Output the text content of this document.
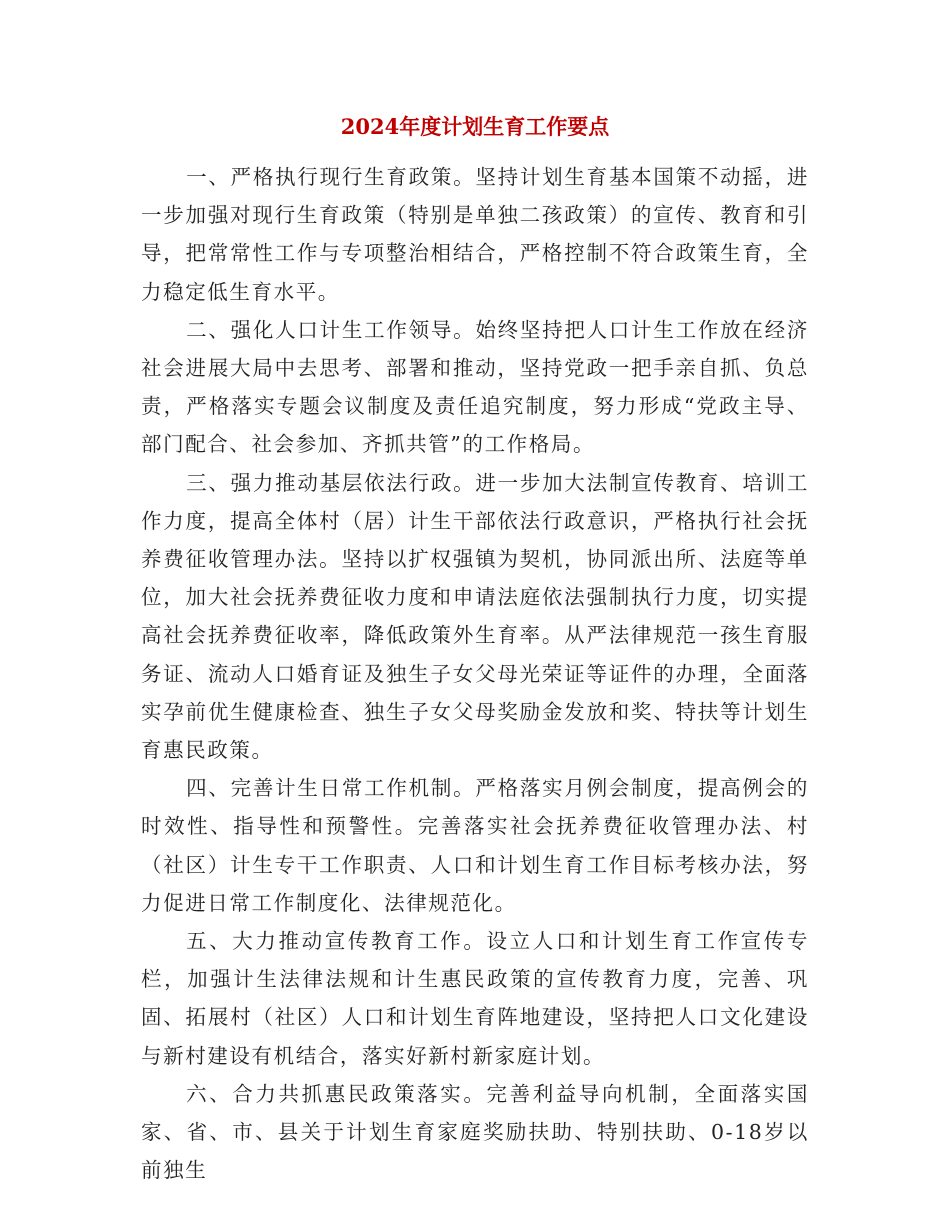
2024年度计划生育工作要点

一、严格执行现行生育政策。坚持计划生育基本国策不动摇，进一步加强对现行生育政策（特别是单独二孩政策）的宣传、教育和引导，把常常性工作与专项整治相结合，严格控制不符合政策生育，全力稳定低生育水平。

二、强化人口计生工作领导。始终坚持把人口计生工作放在经济社会进展大局中去思考、部署和推动，坚持党政一把手亲自抓、负总责，严格落实专题会议制度及责任追究制度，努力形成“党政主导、部门配合、社会参加、齐抓共管”的工作格局。

三、强力推动基层依法行政。进一步加大法制宣传教育、培训工作力度，提高全体村（居）计生干部依法行政意识，严格执行社会抚养费征收管理办法。坚持以扩权强镇为契机，协同派出所、法庭等单位，加大社会抚养费征收力度和申请法庭依法强制执行力度，切实提高社会抚养费征收率，降低政策外生育率。从严法律规范一孩生育服务证、流动人口婚育证及独生子女父母光荣证等证件的办理，全面落实孕前优生健康检查、独生子女父母奖励金发放和奖、特扶等计划生育惠民政策。

四、完善计生日常工作机制。严格落实月例会制度，提高例会的时效性、指导性和预警性。完善落实社会抚养费征收管理办法、村（社区）计生专干工作职责、人口和计划生育工作目标考核办法，努力促进日常工作制度化、法律规范化。

五、大力推动宣传教育工作。设立人口和计划生育工作宣传专栏，加强计生法律法规和计生惠民政策的宣传教育力度，完善、巩固、拓展村（社区）人口和计划生育阵地建设，坚持把人口文化建设与新村建设有机结合，落实好新村新家庭计划。

六、合力共抓惠民政策落实。完善利益导向机制，全面落实国家、省、市、县关于计划生育家庭奖励扶助、特别扶助、0-18岁以前独生
